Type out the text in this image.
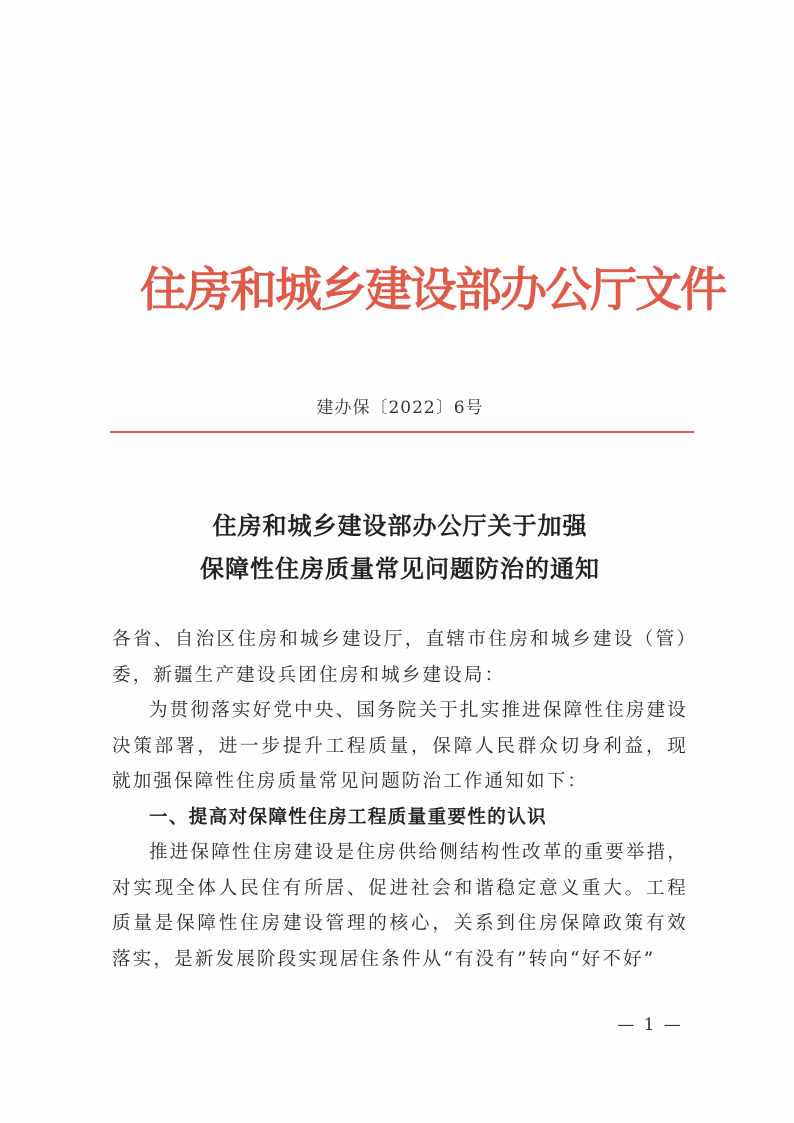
住房和城乡建设部办公厅文件
建办保〔2022〕6号
住房和城乡建设部办公厅关于加强
保障性住房质量常见问题防治的通知

各省、自治区住房和城乡建设厅，直辖市住房和城乡建设（管）委，新疆生产建设兵团住房和城乡建设局：

为贯彻落实好党中央、国务院关于扎实推进保障性住房建设决策部署，进一步提升工程质量，保障人民群众切身利益，现就加强保障性住房质量常见问题防治工作通知如下：

一、提高对保障性住房工程质量重要性的认识

推进保障性住房建设是住房供给侧结构性改革的重要举措，对实现全体人民住有所居、促进社会和谐稳定意义重大。工程质量是保障性住房建设管理的核心，关系到住房保障政策有效落实，是新发展阶段实现居住条件从“有没有”转向“好不好”

— 1 —
